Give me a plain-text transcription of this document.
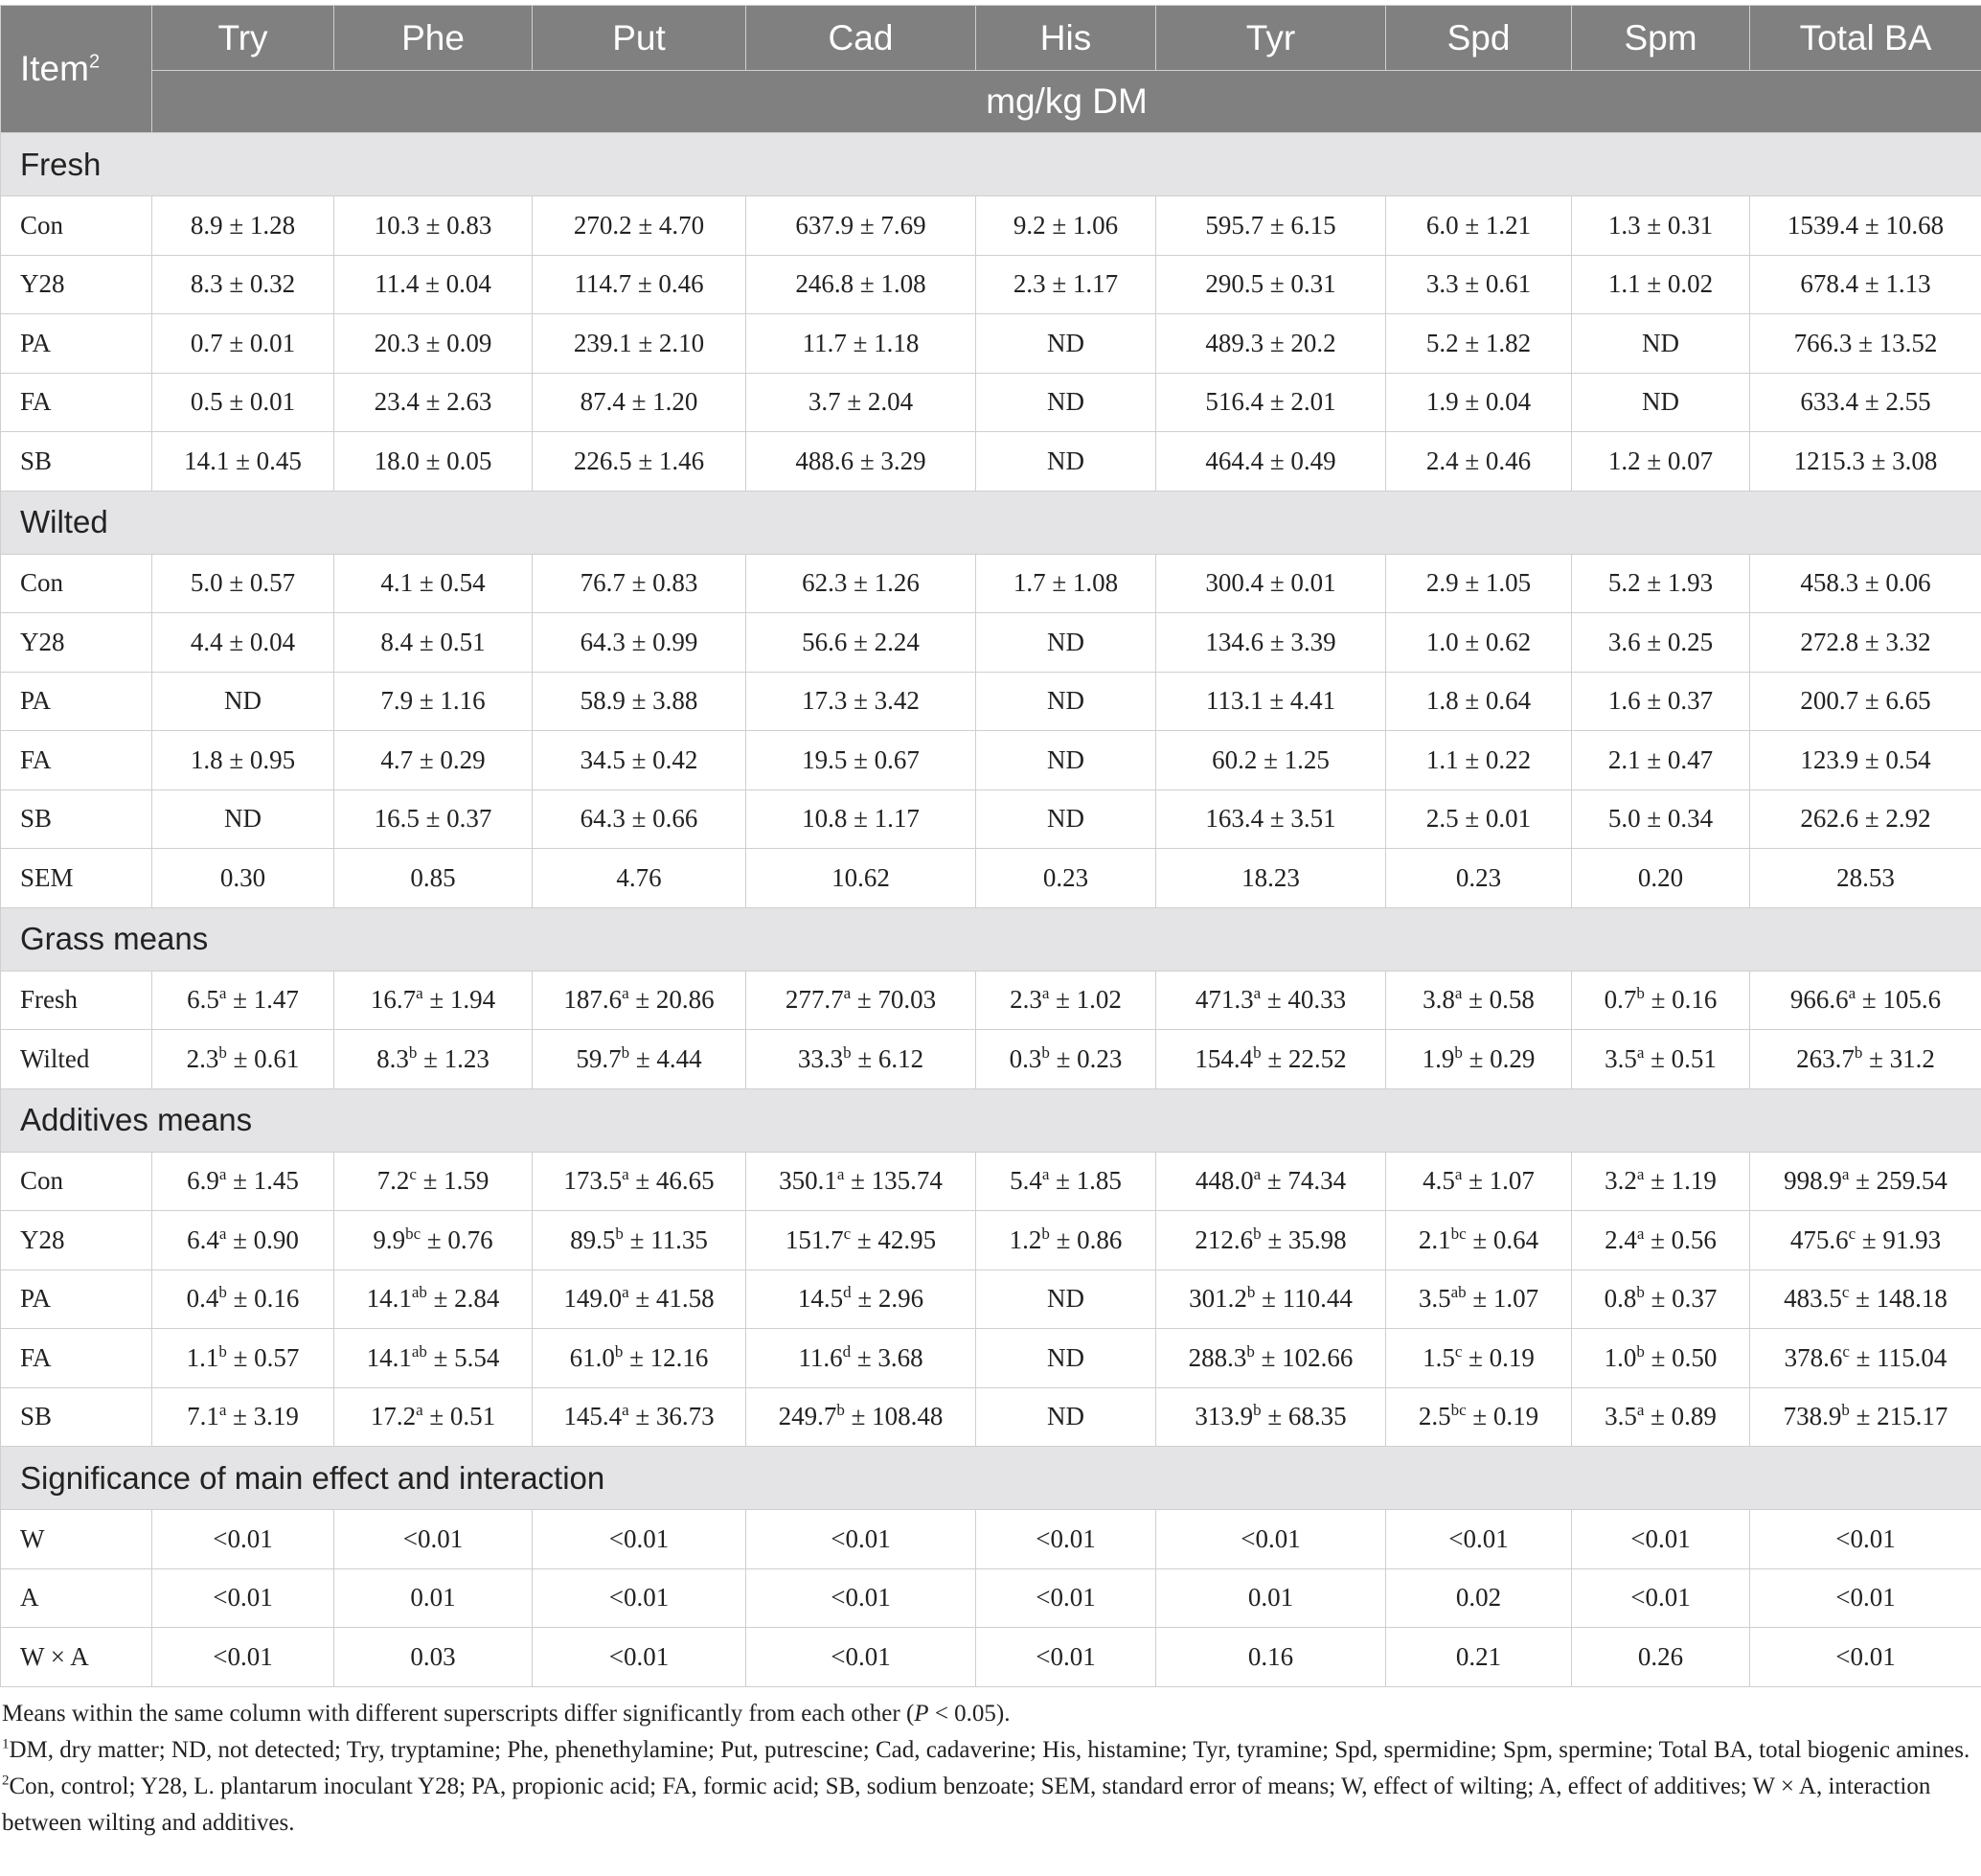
Item$^2$	Try	Phe	Put	Cad	His	Tyr	Spd	Spm	Total BA
	mg/kg DM								
Fresh									
Con	8.9 ± 1.28	10.3 ± 0.83	270.2 ± 4.70	637.9 ± 7.69	9.2 ± 1.06	595.7 ± 6.15	6.0 ± 1.21	1.3 ± 0.31	1539.4 ± 10.68
Y28	8.3 ± 0.32	11.4 ± 0.04	114.7 ± 0.46	246.8 ± 1.08	2.3 ± 1.17	290.5 ± 0.31	3.3 ± 0.61	1.1 ± 0.02	678.4 ± 1.13
PA	0.7 ± 0.01	20.3 ± 0.09	239.1 ± 2.10	11.7 ± 1.18	ND	489.3 ± 20.2	5.2 ± 1.82	ND	766.3 ± 13.52
FA	0.5 ± 0.01	23.4 ± 2.63	87.4 ± 1.20	3.7 ± 2.04	ND	516.4 ± 2.01	1.9 ± 0.04	ND	633.4 ± 2.55
SB	14.1 ± 0.45	18.0 ± 0.05	226.5 ± 1.46	488.6 ± 3.29	ND	464.4 ± 0.49	2.4 ± 0.46	1.2 ± 0.07	1215.3 ± 3.08
Wilted									
Con	5.0 ± 0.57	4.1 ± 0.54	76.7 ± 0.83	62.3 ± 1.26	1.7 ± 1.08	300.4 ± 0.01	2.9 ± 1.05	5.2 ± 1.93	458.3 ± 0.06
Y28	4.4 ± 0.04	8.4 ± 0.51	64.3 ± 0.99	56.6 ± 2.24	ND	134.6 ± 3.39	1.0 ± 0.62	3.6 ± 0.25	272.8 ± 3.32
PA	ND	7.9 ± 1.16	58.9 ± 3.88	17.3 ± 3.42	ND	113.1 ± 4.41	1.8 ± 0.64	1.6 ± 0.37	200.7 ± 6.65
FA	1.8 ± 0.95	4.7 ± 0.29	34.5 ± 0.42	19.5 ± 0.67	ND	60.2 ± 1.25	1.1 ± 0.22	2.1 ± 0.47	123.9 ± 0.54
SB	ND	16.5 ± 0.37	64.3 ± 0.66	10.8 ± 1.17	ND	163.4 ± 3.51	2.5 ± 0.01	5.0 ± 0.34	262.6 ± 2.92
SEM	0.30	0.85	4.76	10.62	0.23	18.23	0.23	0.20	28.53
Grass means									
Fresh	6.5$^a$ ± 1.47	16.7$^a$ ± 1.94	187.6$^a$ ± 20.86	277.7$^a$ ± 70.03	2.3$^a$ ± 1.02	471.3$^a$ ± 40.33	3.8$^a$ ± 0.58	0.7$^b$ ± 0.16	966.6$^a$ ± 105.6
Wilted	2.3$^b$ ± 0.61	8.3$^b$ ± 1.23	59.7$^b$ ± 4.44	33.3$^b$ ± 6.12	0.3$^b$ ± 0.23	154.4$^b$ ± 22.52	1.9$^b$ ± 0.29	3.5$^a$ ± 0.51	263.7$^b$ ± 31.2
Additives means									
Con	6.9$^a$ ± 1.45	7.2$^c$ ± 1.59	173.5$^a$ ± 46.65	350.1$^a$ ± 135.74	5.4$^a$ ± 1.85	448.0$^a$ ± 74.34	4.5$^a$ ± 1.07	3.2$^a$ ± 1.19	998.9$^a$ ± 259.54
Y28	6.4$^a$ ± 0.90	9.9$^{bc}$ ± 0.76	89.5$^b$ ± 11.35	151.7$^c$ ± 42.95	1.2$^b$ ± 0.86	212.6$^b$ ± 35.98	2.1$^{bc}$ ± 0.64	2.4$^a$ ± 0.56	475.6$^c$ ± 91.93
PA	0.4$^b$ ± 0.16	14.1$^{ab}$ ± 2.84	149.0$^a$ ± 41.58	14.5$^d$ ± 2.96	ND	301.2$^b$ ± 110.44	3.5$^{ab}$ ± 1.07	0.8$^b$ ± 0.37	483.5$^c$ ± 148.18
FA	1.1$^b$ ± 0.57	14.1$^{ab}$ ± 5.54	61.0$^b$ ± 12.16	11.6$^d$ ± 3.68	ND	288.3$^b$ ± 102.66	1.5$^c$ ± 0.19	1.0$^b$ ± 0.50	378.6$^c$ ± 115.04
SB	7.1$^a$ ± 3.19	17.2$^a$ ± 0.51	145.4$^a$ ± 36.73	249.7$^b$ ± 108.48	ND	313.9$^b$ ± 68.35	2.5$^{bc}$ ± 0.19	3.5$^a$ ± 0.89	738.9$^b$ ± 215.17
Significance of main effect and interaction									
W	<0.01	<0.01	<0.01	<0.01	<0.01	<0.01	<0.01	<0.01	<0.01
A	<0.01	0.01	<0.01	<0.01	<0.01	0.01	0.02	<0.01	<0.01
W × A	<0.01	0.03	<0.01	<0.01	<0.01	0.16	0.21	0.26	<0.01

Means within the same column with different superscripts differ significantly from each other (P < 0.05).

$^1$DM, dry matter; ND, not detected; Try, tryptamine; Phe, phenethylamine; Put, putrescine; Cad, cadaverine; His, histamine; Tyr, tyramine; Spd, spermidine; Spm, spermine; Total BA, total biogenic amines.

$^2$Con, control; Y28, L. plantarum inoculant Y28; PA, propionic acid; FA, formic acid; SB, sodium benzoate; SEM, standard error of means; W, effect of wilting; A, effect of additives; W × A, interaction between wilting and additives.
